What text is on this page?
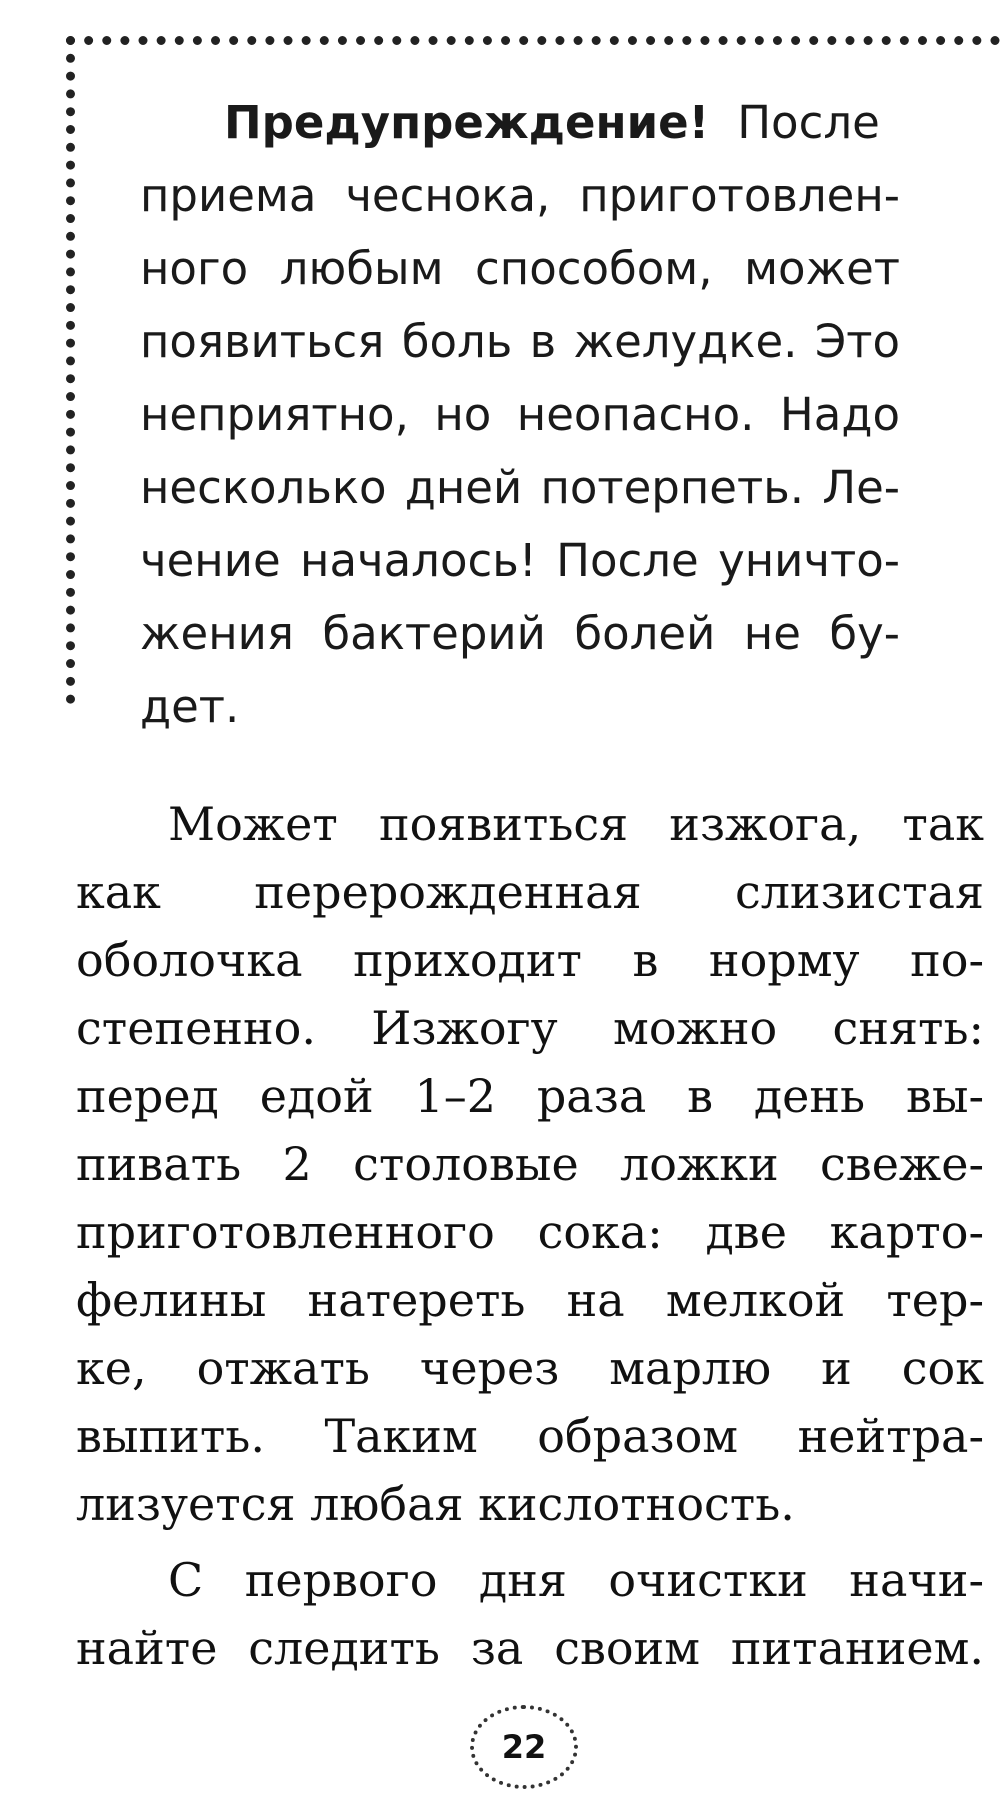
Предупреждение! После
приема чеснока, приготовлен-
ного любым способом, может
появиться боль в желудке. Это
неприятно, но неопасно. Надо
несколько дней потерпеть. Ле-
чение началось! После уничто-
жения бактерий болей не бу-
дет.
Может появиться изжога, так
как перерожденная слизистая
оболочка приходит в норму по-
степенно. Изжогу можно снять:
перед едой 1–2 раза в день вы-
пивать 2 столовые ложки свеже-
приготовленного сока: две карто-
фелины натереть на мелкой тер-
ке, отжать через марлю и сок
выпить. Таким образом нейтра-
лизуется любая кислотность.
С первого дня очистки начи-
найте следить за своим питанием.
22
